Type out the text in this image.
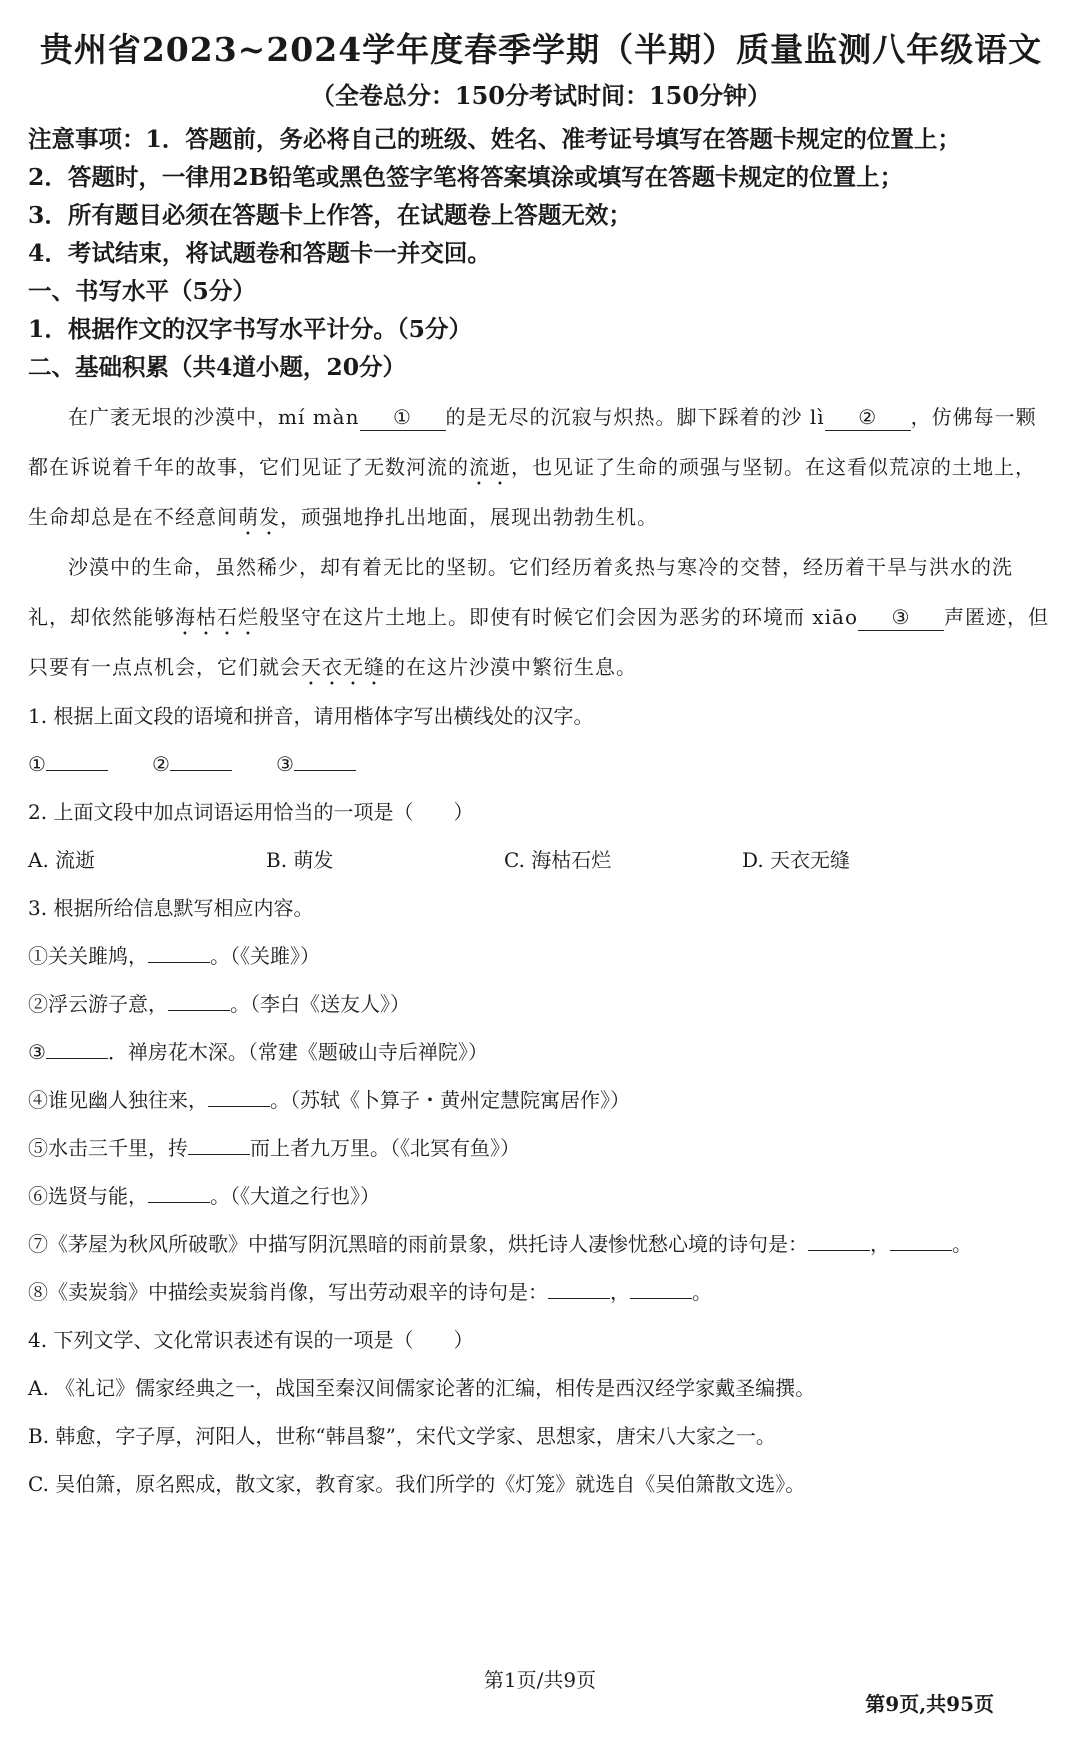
贵州省2023~2024学年度春季学期（半期）质量监测八年级语文
（全卷总分：150分考试时间：150分钟）
注意事项：1．答题前，务必将自己的班级、姓名、准考证号填写在答题卡规定的位置上；
2．答题时，一律用2B铅笔或黑色签字笔将答案填涂或填写在答题卡规定的位置上；
3．所有题目必须在答题卡上作答，在试题卷上答题无效；
4．考试结束，将试题卷和答题卡一并交回。
一、书写水平（5分）
1．根据作文的汉字书写水平计分。（5分）
二、基础积累（共4道小题，20分）

在广袤无垠的沙漠中，mí màn ① 的是无尽的沉寂与炽热。脚下踩着的沙 lì ② ，仿佛每一颗都在诉说着千年的故事，它们见证了无数河流的流逝，也见证了生命的顽强与坚韧。在这看似荒凉的土地上，生命却总是在不经意间萌发，顽强地挣扎出地面，展现出勃勃生机。

沙漠中的生命，虽然稀少，却有着无比的坚韧。它们经历着炙热与寒冷的交替，经历着干旱与洪水的洗礼，却依然能够海枯石烂般坚守在这片土地上。即使有时候它们会因为恶劣的环境而 xiāo ③ 声匿迹，但只要有一点点机会，它们就会天衣无缝的在这片沙漠中繁衍生息。

1. 根据上面文段的语境和拼音，请用楷体字写出横线处的汉字。
①	②	③
2. 上面文段中加点词语运用恰当的一项是（　　）
A. 流逝	B. 萌发	C. 海枯石烂	D. 天衣无缝
3. 根据所给信息默写相应内容。
①关关雎鸠，	。（《关雎》）
②浮云游子意，	。（李白《送友人》）
③	．禅房花木深。（常建《题破山寺后禅院》）
④谁见幽人独往来，	。（苏轼《卜算子・黄州定慧院寓居作》）
⑤水击三千里，抟	而上者九万里。（《北冥有鱼》）
⑥选贤与能，	。（《大道之行也》）
⑦《茅屋为秋风所破歌》中描写阴沉黑暗的雨前景象，烘托诗人凄惨忧愁心境的诗句是：	，	。
⑧《卖炭翁》中描绘卖炭翁肖像，写出劳动艰辛的诗句是：	，	。
4. 下列文学、文化常识表述有误的一项是（　　）
A. 《礼记》儒家经典之一，战国至秦汉间儒家论著的汇编，相传是西汉经学家戴圣编撰。
B. 韩愈，字子厚，河阳人，世称“韩昌黎”，宋代文学家、思想家，唐宋八大家之一。
C. 吴伯箫，原名熙成，散文家，教育家。我们所学的《灯笼》就选自《吴伯箫散文选》。
第1页/共9页
第9页,共95页
